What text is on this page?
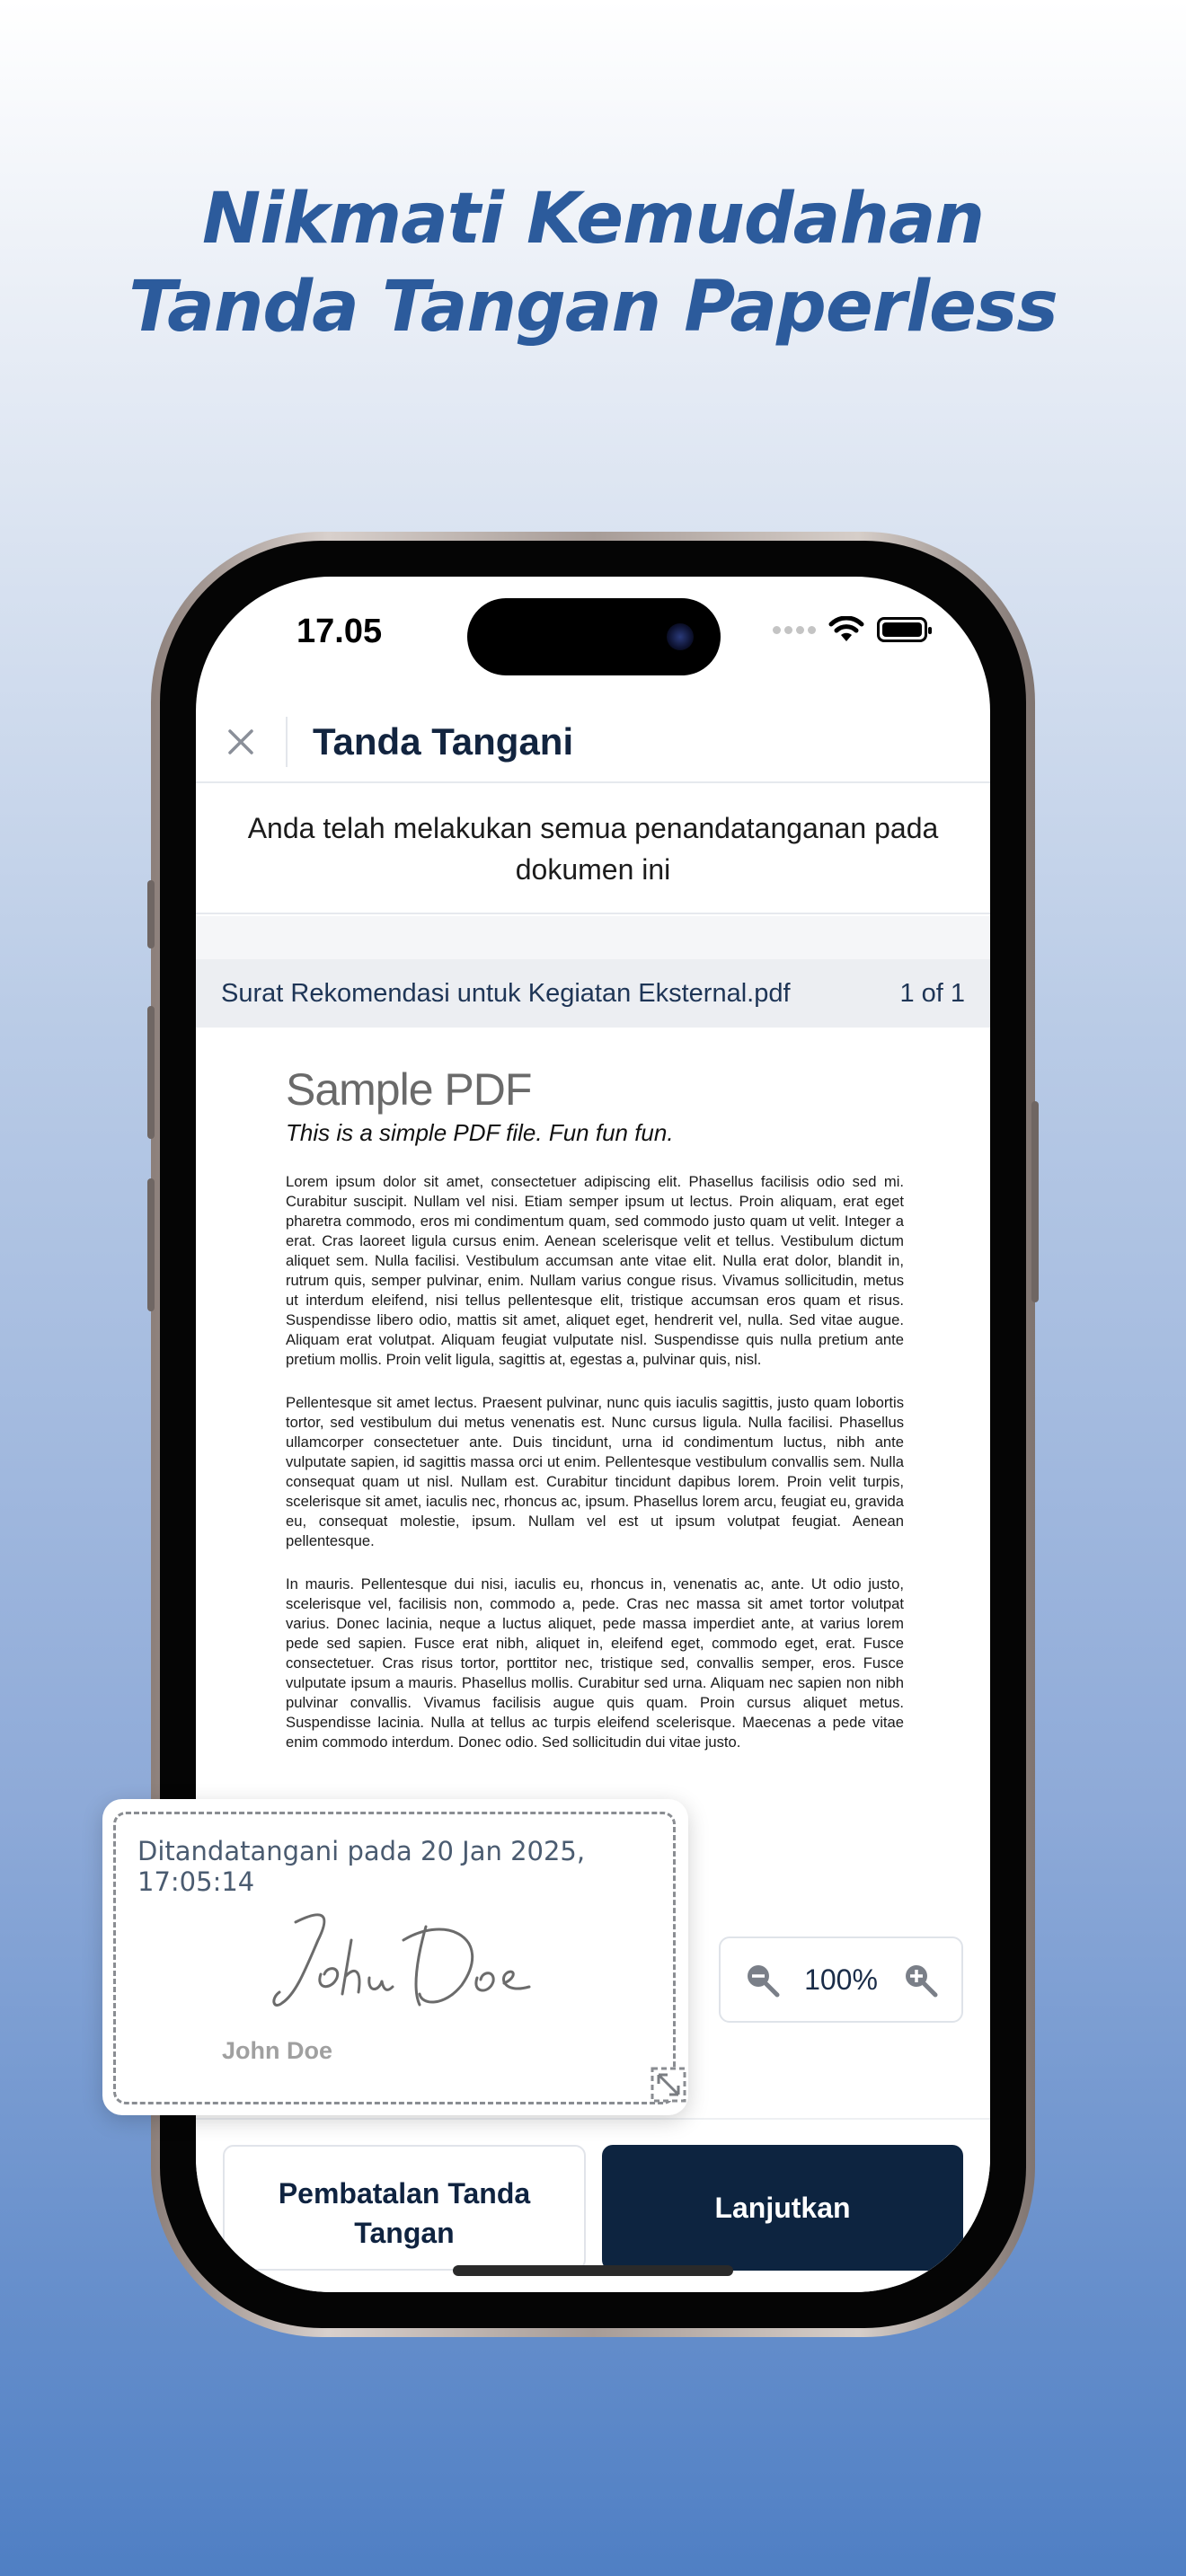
Nikmati Kemudahan
Tanda Tangan Paperless
17.05
Tanda Tangani
Anda telah melakukan semua penandatanganan pada dokumen ini
Surat Rekomendasi untuk Kegiatan Eksternal.pdf	1 of 1
Sample PDF
This is a simple PDF file. Fun fun fun.

Lorem ipsum dolor sit amet, consectetuer adipiscing elit. Phasellus facilisis odio sed mi. Curabitur suscipit. Nullam vel nisi. Etiam semper ipsum ut lectus. Proin aliquam, erat eget pharetra commodo, eros mi condimentum quam, sed commodo justo quam ut velit. Integer a erat. Cras laoreet ligula cursus enim. Aenean scelerisque velit et tellus. Vestibulum dictum aliquet sem. Nulla facilisi. Vestibulum accumsan ante vitae elit. Nulla erat dolor, blandit in, rutrum quis, semper pulvinar, enim. Nullam varius congue risus. Vivamus sollicitudin, metus ut interdum eleifend, nisi tellus pellentesque elit, tristique accumsan eros quam et risus. Suspendisse libero odio, mattis sit amet, aliquet eget, hendrerit vel, nulla. Sed vitae augue. Aliquam erat volutpat. Aliquam feugiat vulputate nisl. Suspendisse quis nulla pretium ante pretium mollis. Proin velit ligula, sagittis at, egestas a, pulvinar quis, nisl.

Pellentesque sit amet lectus. Praesent pulvinar, nunc quis iaculis sagittis, justo quam lobortis tortor, sed vestibulum dui metus venenatis est. Nunc cursus ligula. Nulla facilisi. Phasellus ullamcorper consectetuer ante. Duis tincidunt, urna id condimentum luctus, nibh ante vulputate sapien, id sagittis massa orci ut enim. Pellentesque vestibulum convallis sem. Nulla consequat quam ut nisl. Nullam est. Curabitur tincidunt dapibus lorem. Proin velit turpis, scelerisque sit amet, iaculis nec, rhoncus ac, ipsum. Phasellus lorem arcu, feugiat eu, gravida eu, consequat molestie, ipsum. Nullam vel est ut ipsum volutpat feugiat. Aenean pellentesque.

In mauris. Pellentesque dui nisi, iaculis eu, rhoncus in, venenatis ac, ante. Ut odio justo, scelerisque vel, facilisis non, commodo a, pede. Cras nec massa sit amet tortor volutpat varius. Donec lacinia, neque a luctus aliquet, pede massa imperdiet ante, at varius lorem pede sed sapien. Fusce erat nibh, aliquet in, eleifend eget, commodo eget, erat. Fusce consectetuer. Cras risus tortor, porttitor nec, tristique sed, convallis semper, eros. Fusce vulputate ipsum a mauris. Phasellus mollis. Curabitur sed urna. Aliquam nec sapien non nibh pulvinar convallis. Vivamus facilisis augue quis quam. Proin cursus aliquet metus. Suspendisse lacinia. Nulla at tellus ac turpis eleifend scelerisque. Maecenas a pede vitae enim commodo interdum. Donec odio. Sed sollicitudin dui vitae justo.

100%
Pembatalan Tanda Tangan
Lanjutkan
Ditandatangani pada 20 Jan 2025, 17:05:14
John Doe
